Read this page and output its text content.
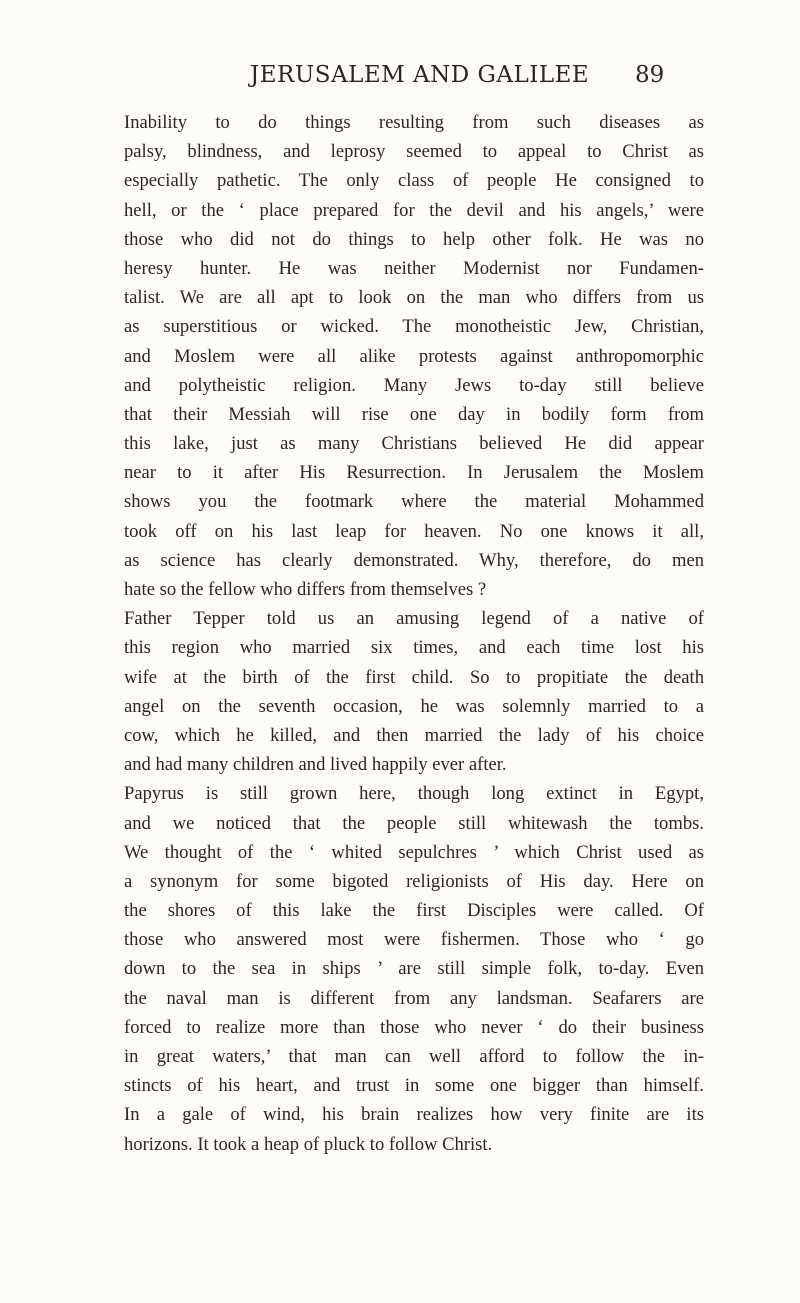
JERUSALEM AND GALILEE 89
Inability to do things resulting from such diseases as
palsy, blindness, and leprosy seemed to appeal to Christ as
especially pathetic. The only class of people He consigned to
hell, or the ‘ place prepared for the devil and his angels,’ were
those who did not do things to help other folk. He was no
heresy hunter. He was neither Modernist nor Fundamen-
talist. We are all apt to look on the man who differs from us
as superstitious or wicked. The monotheistic Jew, Christian,
and Moslem were all alike protests against anthropomorphic
and polytheistic religion. Many Jews to-day still believe
that their Messiah will rise one day in bodily form from
this lake, just as many Christians believed He did appear
near to it after His Resurrection. In Jerusalem the Moslem
shows you the footmark where the material Mohammed
took off on his last leap for heaven. No one knows it all,
as science has clearly demonstrated. Why, therefore, do men
hate so the fellow who differs from themselves ?
Father Tepper told us an amusing legend of a native of
this region who married six times, and each time lost his
wife at the birth of the first child. So to propitiate the death
angel on the seventh occasion, he was solemnly married to a
cow, which he killed, and then married the lady of his choice
and had many children and lived happily ever after.
Papyrus is still grown here, though long extinct in Egypt,
and we noticed that the people still whitewash the tombs.
We thought of the ‘ whited sepulchres ’ which Christ used as
a synonym for some bigoted religionists of His day. Here on
the shores of this lake the first Disciples were called. Of
those who answered most were fishermen. Those who ‘ go
down to the sea in ships ’ are still simple folk, to-day. Even
the naval man is different from any landsman. Seafarers are
forced to realize more than those who never ‘ do their business
in great waters,’ that man can well afford to follow the in-
stincts of his heart, and trust in some one bigger than himself.
In a gale of wind, his brain realizes how very finite are its
horizons. It took a heap of pluck to follow Christ.
